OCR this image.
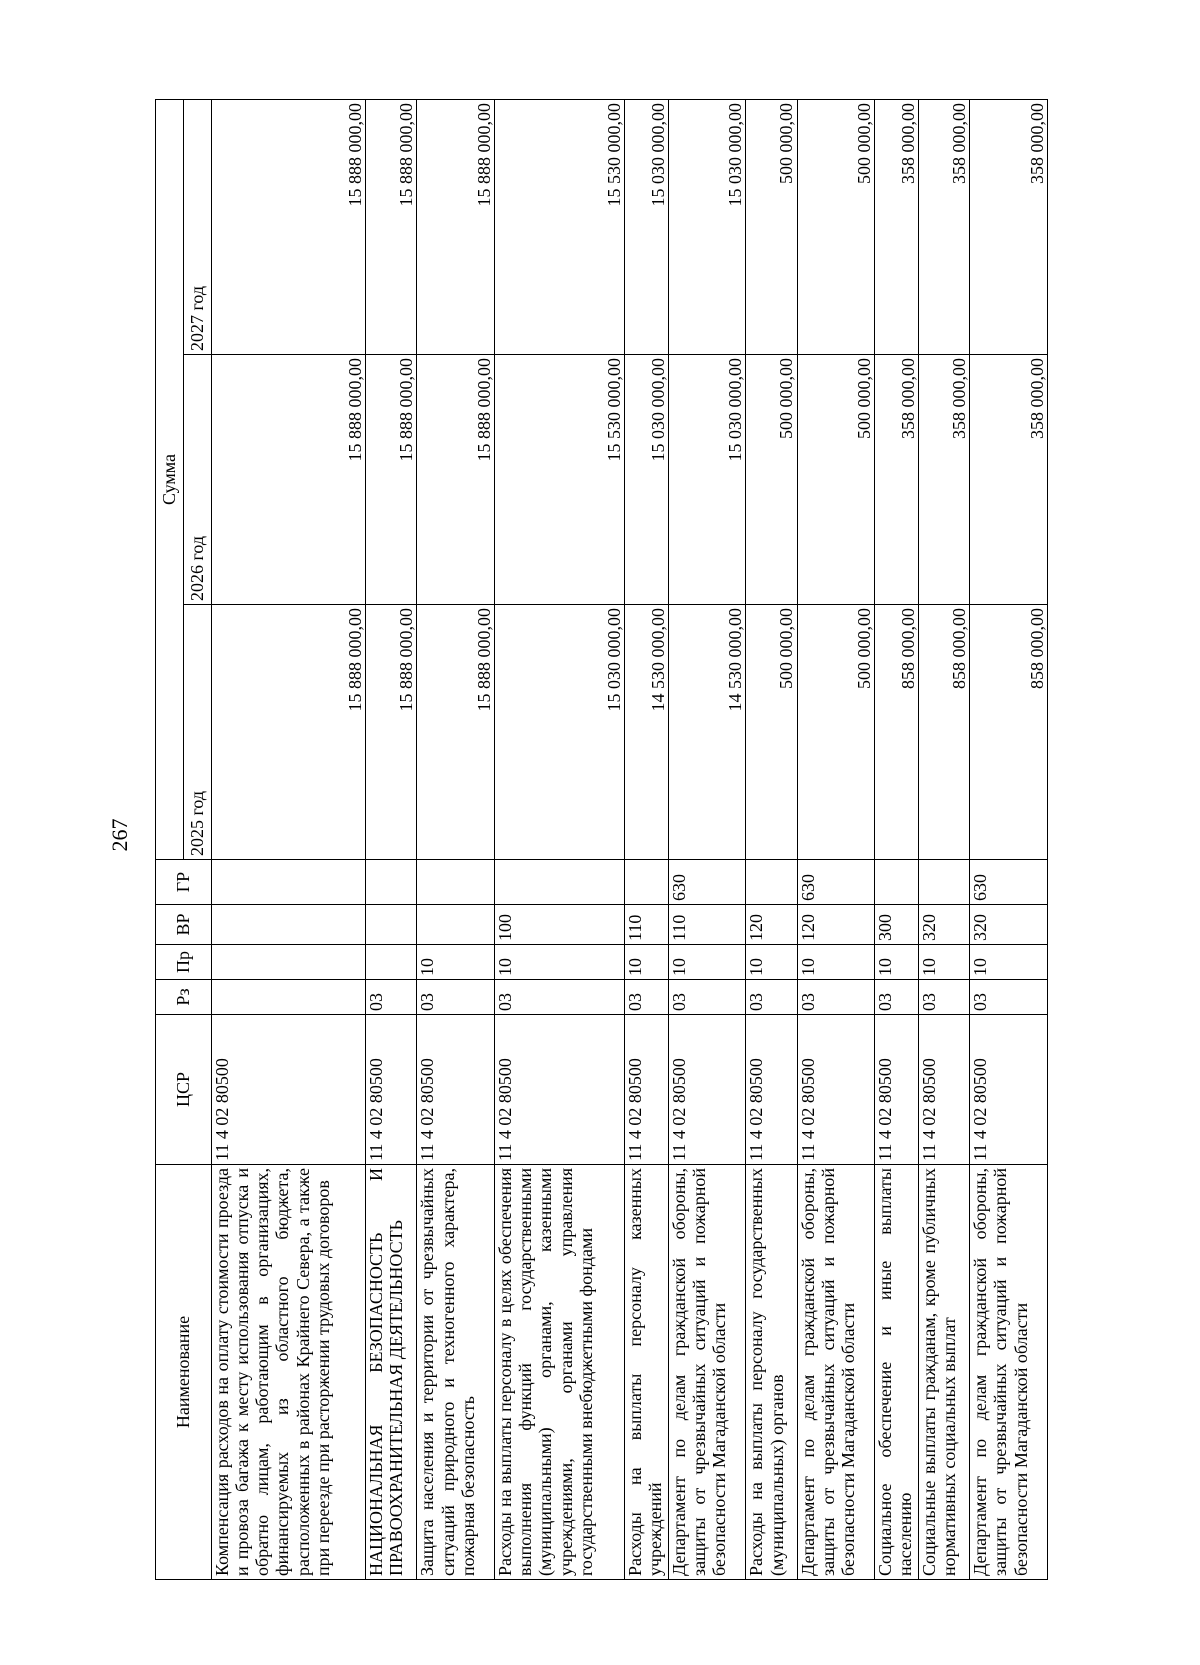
267
Наименование	ЦСР	Рз	Пр	ВР	ГР	Сумма		
						2025 год	2026 год	2027 год
Компенсация расходов на оплату стоимости проезда и провоза багажа к месту использования отпуска и обратно лицам, работающим в организациях, финансируемых из областного бюджета, расположенных в районах Крайнего Севера, а также при переезде при расторжении трудовых договоров	11 4 02 80500					15 888 000,00	15 888 000,00	15 888 000,00
НАЦИОНАЛЬНАЯ БЕЗОПАСНОСТЬ И ПРАВООХРАНИТЕЛЬНАЯ ДЕЯТЕЛЬНОСТЬ	11 4 02 80500	03				15 888 000,00	15 888 000,00	15 888 000,00
Защита населения и территории от чрезвычайных ситуаций природного и техногенного характера, пожарная безопасность	11 4 02 80500	03	10			15 888 000,00	15 888 000,00	15 888 000,00
Расходы на выплаты персоналу в целях обеспечения выполнения функций государственными (муниципальными) органами, казенными учреждениями, органами управления государственными внебюджетными фондами	11 4 02 80500	03	10	100		15 030 000,00	15 530 000,00	15 530 000,00
Расходы на выплаты персоналу казенных учреждений	11 4 02 80500	03	10	110		14 530 000,00	15 030 000,00	15 030 000,00
Департамент по делам гражданской обороны, защиты от чрезвычайных ситуаций и пожарной безопасности Магаданской области	11 4 02 80500	03	10	110	630	14 530 000,00	15 030 000,00	15 030 000,00
Расходы на выплаты персоналу государственных (муниципальных) органов	11 4 02 80500	03	10	120		500 000,00	500 000,00	500 000,00
Департамент по делам гражданской обороны, защиты от чрезвычайных ситуаций и пожарной безопасности Магаданской области	11 4 02 80500	03	10	120	630	500 000,00	500 000,00	500 000,00
Социальное обеспечение и иные выплаты населению	11 4 02 80500	03	10	300		858 000,00	358 000,00	358 000,00
Социальные выплаты гражданам, кроме публичных нормативных социальных выплат	11 4 02 80500	03	10	320		858 000,00	358 000,00	358 000,00
Департамент по делам гражданской обороны, защиты от чрезвычайных ситуаций и пожарной безопасности Магаданской области	11 4 02 80500	03	10	320	630	858 000,00	358 000,00	358 000,00
